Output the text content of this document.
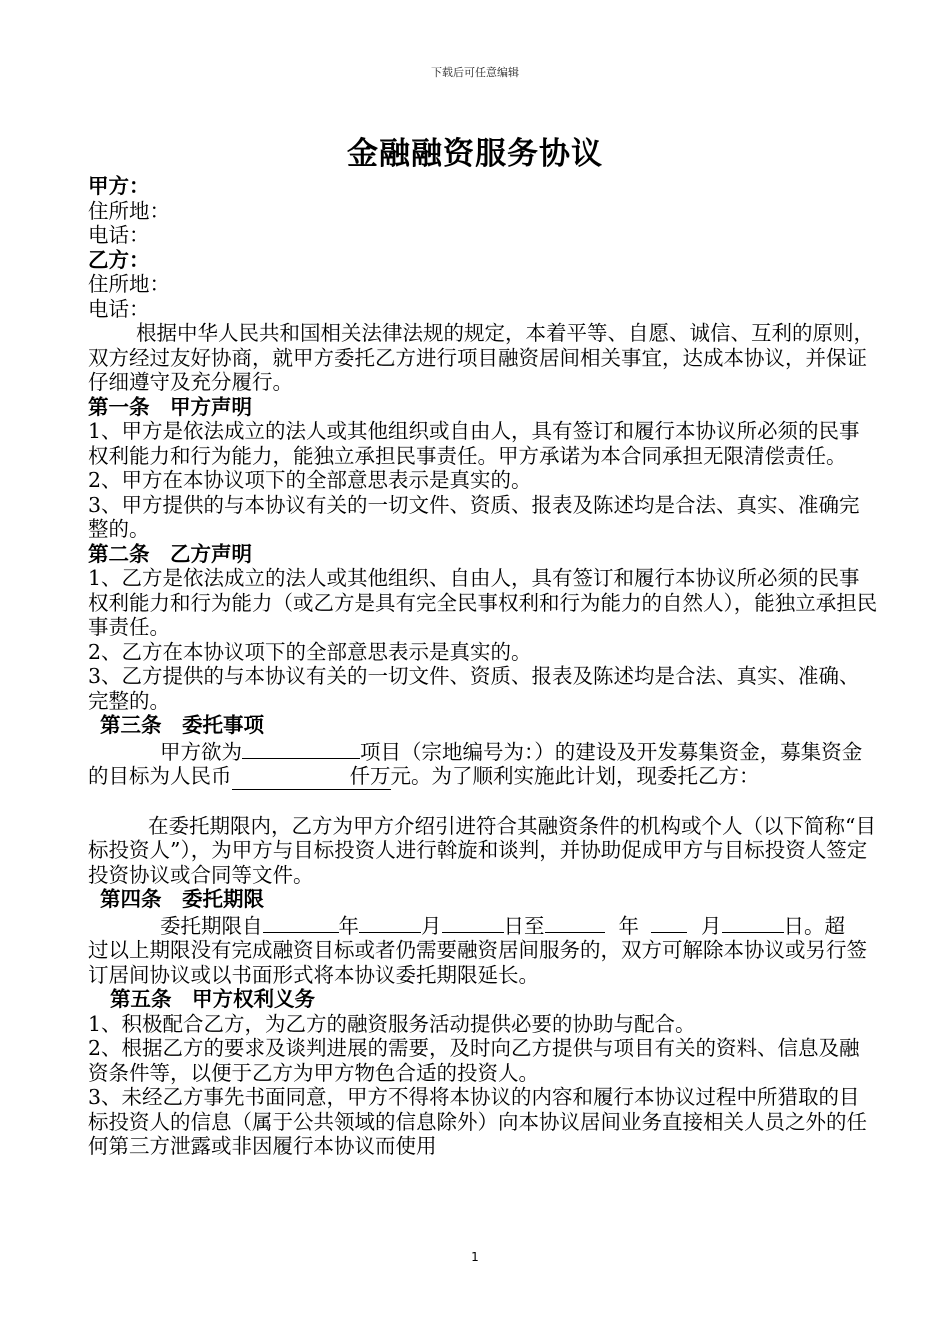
下载后可任意编辑
金融融资服务协议
甲方：
住所地：
电话：
乙方：
住所地：
电话：
根据中华人民共和国相关法律法规的规定，本着平等、自愿、诚信、互利的原则，双方经过友好协商，就甲方委托乙方进行项目融资居间相关事宜，达成本协议，并保证仔细遵守及充分履行。
第一条　甲方声明
1、甲方是依法成立的法人或其他组织或自由人，具有签订和履行本协议所必须的民事权利能力和行为能力，能独立承担民事责任。甲方承诺为本合同承担无限清偿责任。
2、甲方在本协议项下的全部意思表示是真实的。
3、甲方提供的与本协议有关的一切文件、资质、报表及陈述均是合法、真实、准确完整的。
第二条　乙方声明
1、乙方是依法成立的法人或其他组织、自由人，具有签订和履行本协议所必须的民事权利能力和行为能力（或乙方是具有完全民事权利和行为能力的自然人），能独立承担民事责任。
2、乙方在本协议项下的全部意思表示是真实的。
3、乙方提供的与本协议有关的一切文件、资质、报表及陈述均是合法、真实、准确、完整的。
第三条　委托事项
甲方欲为	项目（宗地编号为：）的建设及开发募集资金，募集资金的目标为人民币	仟万元。为了顺利实施此计划，现委托乙方：
在委托期限内，乙方为甲方介绍引进符合其融资条件的机构或个人（以下简称“目标投资人”），为甲方与目标投资人进行斡旋和谈判，并协助促成甲方与目标投资人签定投资协议或合同等文件。
第四条　委托期限
委托期限自	年	月	日至	年	月	日。超
过以上期限没有完成融资目标或者仍需要融资居间服务的，双方可解除本协议或另行签订居间协议或以书面形式将本协议委托期限延长。
第五条　甲方权利义务
1、积极配合乙方，为乙方的融资服务活动提供必要的协助与配合。
2、根据乙方的要求及谈判进展的需要，及时向乙方提供与项目有关的资料、信息及融资条件等，以便于乙方为甲方物色合适的投资人。
3、未经乙方事先书面同意，甲方不得将本协议的内容和履行本协议过程中所猎取的目标投资人的信息（属于公共领域的信息除外）向本协议居间业务直接相关人员之外的任何第三方泄露或非因履行本协议而使用
1
